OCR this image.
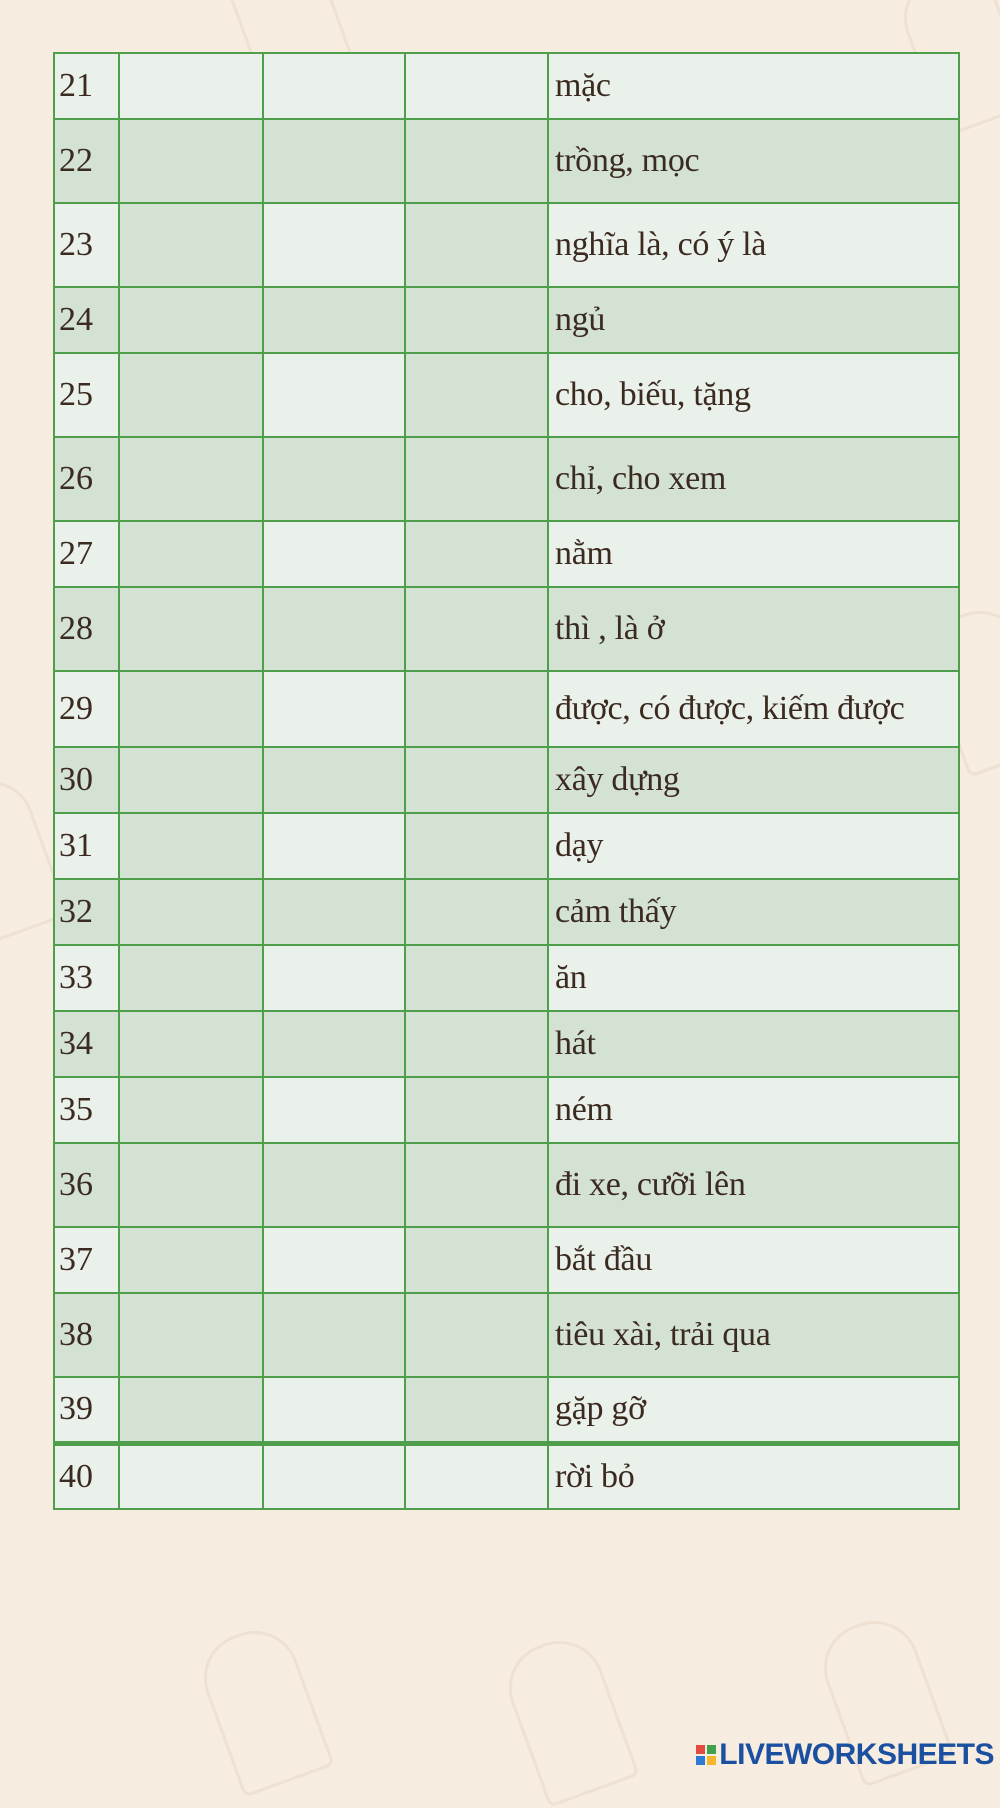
21				mặc
22				trồng, mọc
23				nghĩa là, có ý là
24				ngủ
25				cho, biếu, tặng
26				chỉ, cho xem
27				nằm
28				thì , là ở
29				được, có được, kiếm được
30				xây dựng
31				dạy
32				cảm thấy
33				ăn
34				hát
35				ném
36				đi xe, cưỡi lên
37				bắt đầu
38				tiêu xài, trải qua
39				gặp gỡ
40				rời bỏ
LIVEWORKSHEETS
